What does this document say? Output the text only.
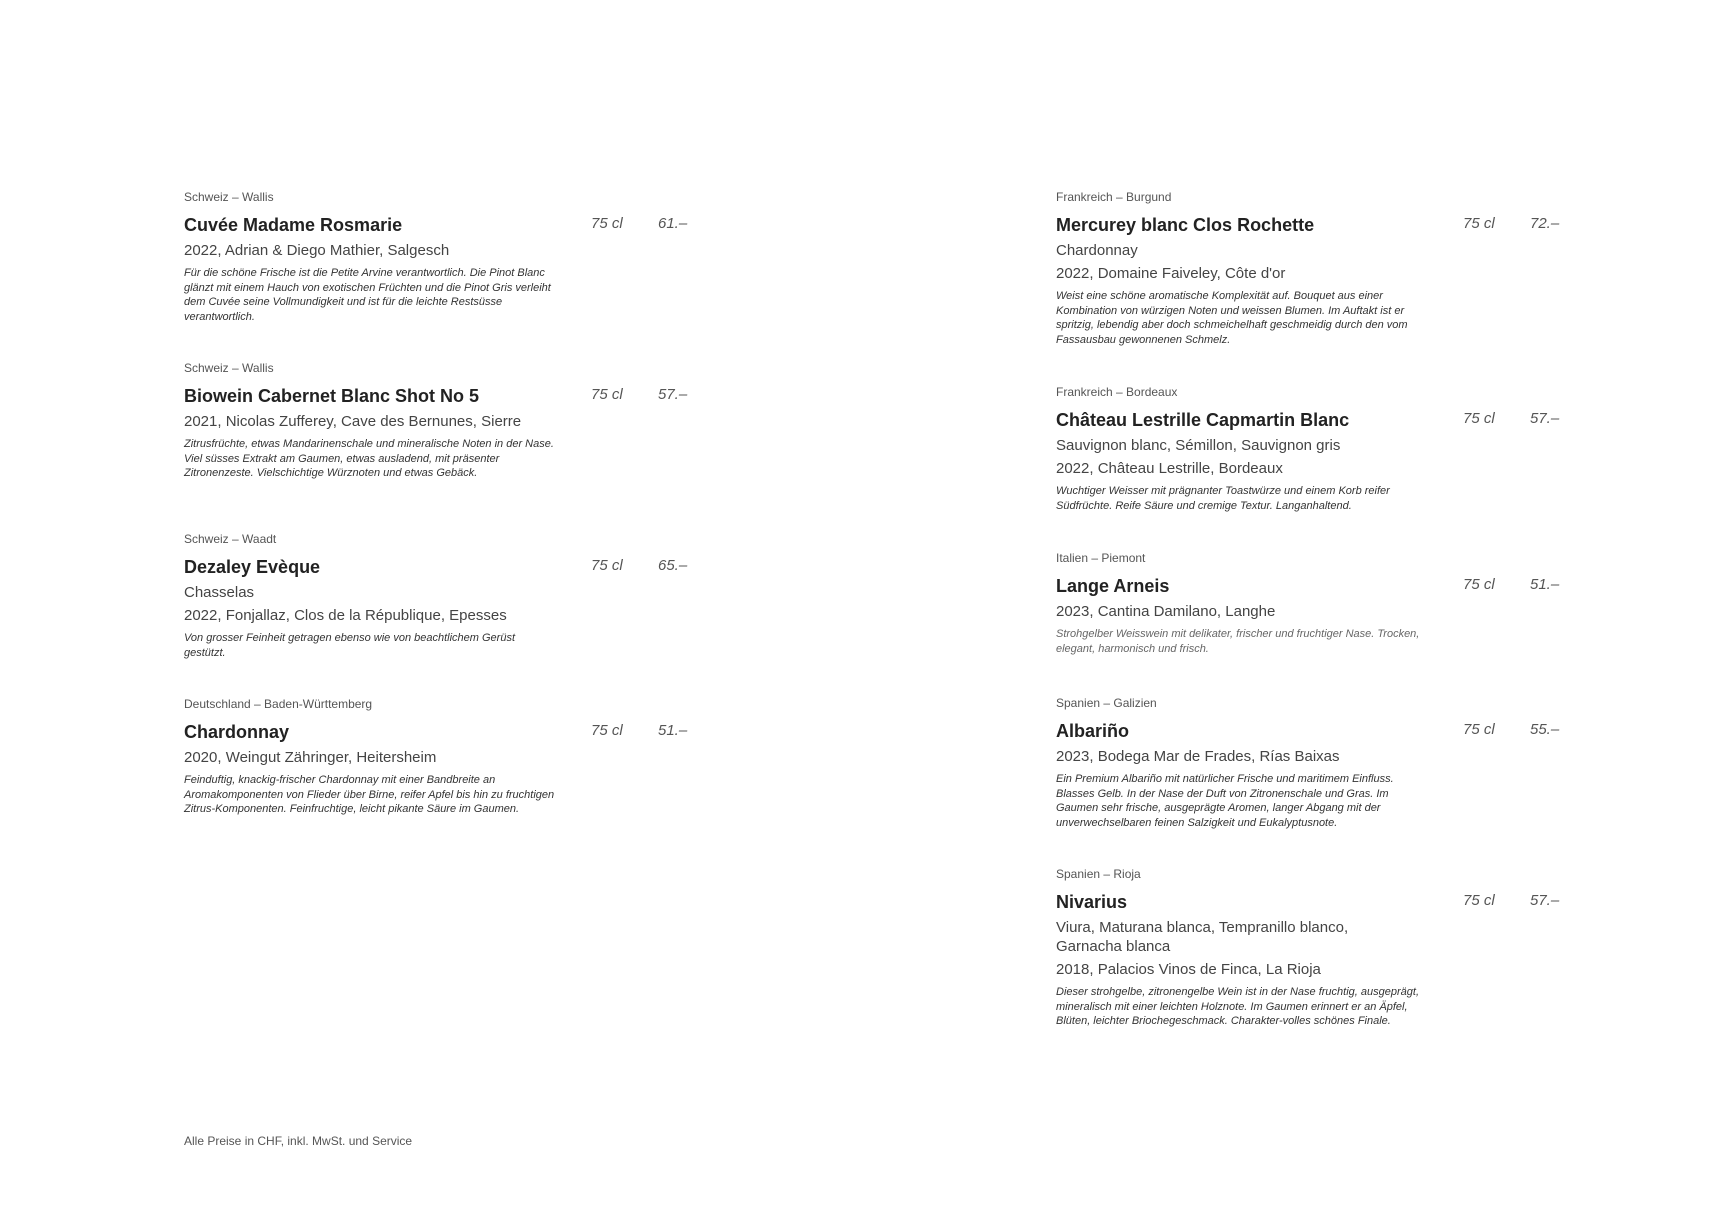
Schweiz – Wallis
Cuvée Madame Rosmarie	75 cl 61.–
2022, Adrian & Diego Mathier, Salgesch
Für die schöne Frische ist die Petite Arvine verantwortlich. Die Pinot Blanc glänzt mit einem Hauch von exotischen Früchten und die Pinot Gris verleiht dem Cuvée seine Vollmundigkeit und ist für die leichte Restsüsse verantwortlich.
Schweiz – Wallis
Biowein Cabernet Blanc Shot No 5	75 cl 57.–
2021, Nicolas Zufferey, Cave des Bernunes, Sierre
Zitrusfrüchte, etwas Mandarinenschale und mineralische Noten in der Nase. Viel süsses Extrakt am Gaumen, etwas ausladend, mit präsenter Zitronenzeste. Vielschichtige Würznoten und etwas Gebäck.
Schweiz – Waadt
Dezaley Evèque	75 cl 65.–
Chasselas
2022, Fonjallaz, Clos de la République, Epesses
Von grosser Feinheit getragen ebenso wie von beachtlichem Gerüst gestützt.
Deutschland – Baden-Württemberg
Chardonnay	75 cl 51.–
2020, Weingut Zähringer, Heitersheim
Feinduftig, knackig-frischer Chardonnay mit einer Bandbreite an Aromakomponenten von Flieder über Birne, reifer Apfel bis hin zu fruchtigen Zitrus-Komponenten. Feinfruchtige, leicht pikante Säure im Gaumen.
Frankreich – Burgund
Mercurey blanc Clos Rochette	75 cl 72.–
Chardonnay
2022, Domaine Faiveley, Côte d'or
Weist eine schöne aromatische Komplexität auf. Bouquet aus einer Kombination von würzigen Noten und weissen Blumen. Im Auftakt ist er spritzig, lebendig aber doch schmeichelhaft geschmeidig durch den vom Fassausbau gewonnenen Schmelz.
Frankreich – Bordeaux
Château Lestrille Capmartin Blanc	75 cl 57.–
Sauvignon blanc, Sémillon, Sauvignon gris
2022, Château Lestrille, Bordeaux
Wuchtiger Weisser mit prägnanter Toastwürze und einem Korb reifer Südfrüchte. Reife Säure und cremige Textur. Langanhaltend.
Italien – Piemont
Lange Arneis	75 cl 51.–
2023, Cantina Damilano, Langhe
Strohgelber Weisswein mit delikater, frischer und fruchtiger Nase. Trocken, elegant, harmonisch und frisch.
Spanien – Galizien
Albariño	75 cl 55.–
2023, Bodega Mar de Frades, Rías Baixas
Ein Premium Albariño mit natürlicher Frische und maritimem Einfluss. Blasses Gelb. In der Nase der Duft von Zitronenschale und Gras. Im Gaumen sehr frische, ausgeprägte Aromen, langer Abgang mit der unverwechselbaren feinen Salzigkeit und Eukalyptusnote.
Spanien – Rioja
Nivarius	75 cl 57.–
Viura, Maturana blanca, Tempranillo blanco, Garnacha blanca
2018, Palacios Vinos de Finca, La Rioja
Dieser strohgelbe, zitronengelbe Wein ist in der Nase fruchtig, ausgeprägt, mineralisch mit einer leichten Holznote. Im Gaumen erinnert er an Äpfel, Blüten, leichter Briochegeschmack. Charakter-volles schönes Finale.
Alle Preise in CHF, inkl. MwSt. und Service
